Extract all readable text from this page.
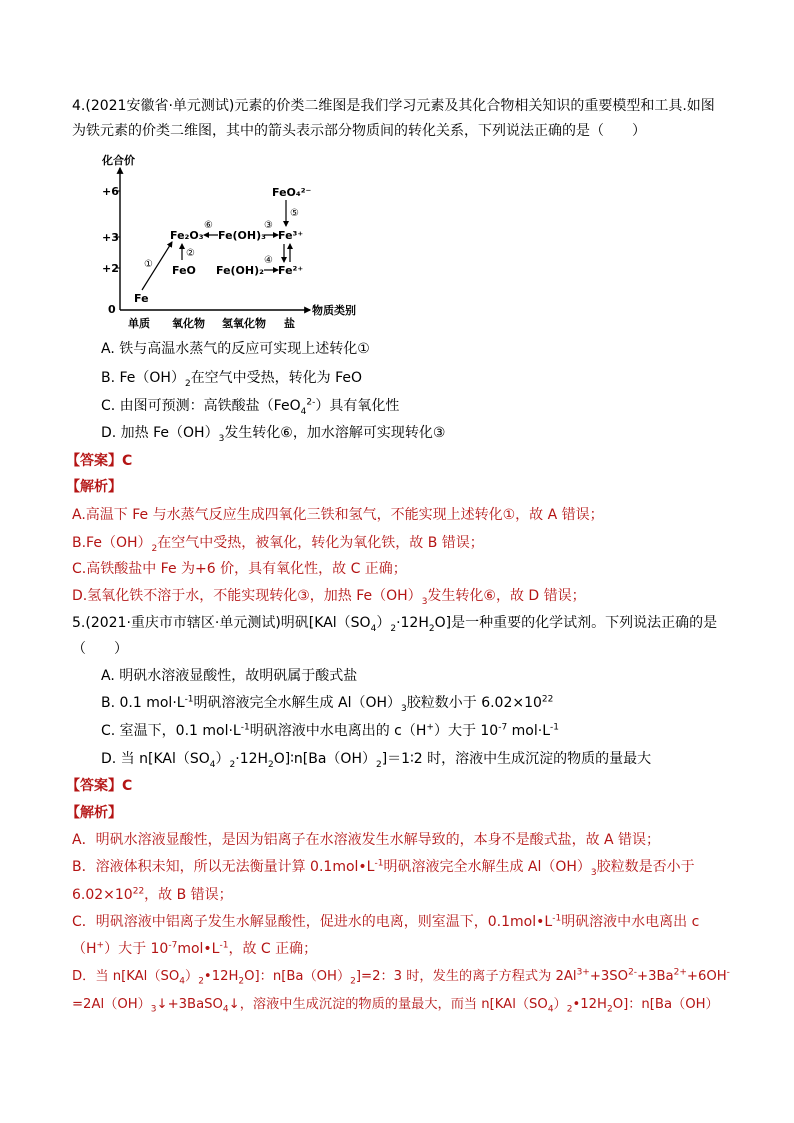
4.(2021安徽省·单元测试)元素的价类二维图是我们学习元素及其化合物相关知识的重要模型和工具.如图
为铁元素的价类二维图，其中的箭头表示部分物质间的转化关系，下列说法正确的是（　　）
化合价
物质类别
+6
+3
+2
0
单质 氧化物 氢氧化物 盐
Fe
Fe₂O₃
FeO
Fe(OH)₃
Fe(OH)₂
Fe³⁺
Fe²⁺
FeO₄²⁻
①
②
⑥	③
⑤
④
A. 铁与高温水蒸气的反应可实现上述转化①
B. $Fe(OH)_2$在空气中受热，转化为 FeO
C. 由图可预测：高铁酸盐（FeO$_4^{2-}$）具有氧化性
D. 加热 $Fe(OH)_3$发生转化⑥，加水溶解可实现转化③
【答案】C
【解析】
A.高温下 Fe 与水蒸气反应生成四氧化三铁和氢气，不能实现上述转化①，故 A 错误；
$B.Fe(OH)_2$在空气中受热，被氧化，转化为氧化铁，故 B 错误；
C.高铁酸盐中 Fe 为+6 价，具有氧化性，故 C 正确；
D.氢氧化铁不溶于水，不能实现转化③，加热 $Fe(OH)_3$发生转化⑥，故 D 错误；
5.(2021·重庆市市辖区·单元测试)明矾$[KAl(SO_4)_2\cdot 12H_2O]$是一种重要的化学试剂。下列说法正确的是
（　　）
A. 明矾水溶液显酸性，故明矾属于酸式盐
B. 0.1 $mol\cdot L^{-1}$明矾溶液完全水解生成 $Al(OH)_3$胶粒数小于 $6.02\times 10^{22}$
C. 室温下，0.1 $mol\cdot L^{-1}$明矾溶液中水电离出的 c（H+）大于 $10^{-7}$ $mol\cdot L^{-1}$
D. 当 $n[KAl(SO_4)_2\cdot 12H_2O]∶n[Ba(OH)_2]=1∶2$ 时，溶液中生成沉淀的物质的量最大
【答案】C
【解析】
A．明矾水溶液显酸性，是因为铝离子在水溶液发生水解导致的，本身不是酸式盐，故 A 错误；
B．溶液体积未知，所以无法衡量计算 $0.1mol•L^{-1}$明矾溶液完全水解生成 $Al(OH)_3$胶粒数是否小于
$6.02\times 10^{22}$，故 B 错误；
C．明矾溶液中铝离子发生水解显酸性，促进水的电离，则室温下，$0.1mol•L^{-1}$明矾溶液中水电离出 c
（H+）大于 $10^{-7}mol•L^{-1}$，故 C 正确；
D．当 $n[KAl(SO_4)_2•12H_2O]$：$n[Ba(OH)_2]=2$：3 时，发生的离子方程式为 $2Al^{3+}+3SO^{2-}+3Ba^{2+}+6OH^-$
$=2Al(OH)_3↓+3BaSO_4↓$，溶液中生成沉淀的物质的量最大，而当 $n[KAl(SO_4)_2•12H_2O]$：n[Ba（OH）
